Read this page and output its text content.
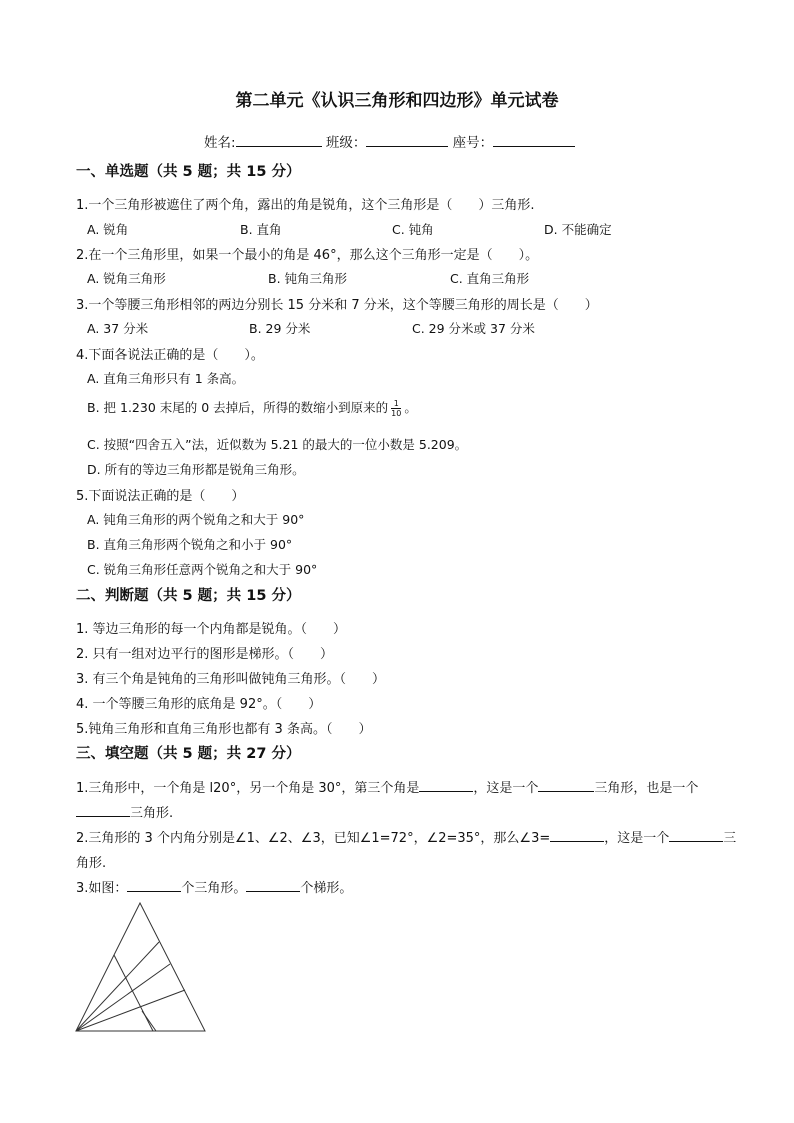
第二单元《认识三角形和四边形》单元试卷
姓名:	班级：	座号：
一、单选题（共 5 题；共 15 分）
1.一个三角形被遮住了两个角，露出的角是锐角，这个三角形是（　　）三角形.
A. 锐角	B. 直角	C. 钝角	D. 不能确定
2.在一个三角形里，如果一个最小的角是 46°，那么这个三角形一定是（　　）。
A. 锐角三角形	B. 钝角三角形	C. 直角三角形
3.一个等腰三角形相邻的两边分别长 15 分米和 7 分米，这个等腰三角形的周长是（　　）
A. 37 分米	B. 29 分米	C. 29 分米或 37 分米
4.下面各说法正确的是（　　）。
A. 直角三角形只有 1 条高。
B. 把 1.230 末尾的 0 去掉后，所得的数缩小到原来的 $\frac{1}{10}$ 。
C. 按照“四舍五入”法，近似数为 5.21 的最大的一位小数是 5.209。
D. 所有的等边三角形都是锐角三角形。
5.下面说法正确的是（　　）
A. 钝角三角形的两个锐角之和大于 90°
B. 直角三角形两个锐角之和小于 90°
C. 锐角三角形任意两个锐角之和大于 90°
二、判断题（共 5 题；共 15 分）
1. 等边三角形的每一个内角都是锐角。（　　）
2. 只有一组对边平行的图形是梯形。（　　）
3. 有三个角是钝角的三角形叫做钝角三角形。（　　）
4. 一个等腰三角形的底角是 92°。（　　）
5.钝角三角形和直角三角形也都有 3 条高。（　　）
三、填空题（共 5 题；共 27 分）
1.三角形中，一个角是 l20°，另一个角是 30°，第三个角是	，这是一个	三角形，也是一个
三角形.
2.三角形的 3 个内角分别是∠1、∠2、∠3，已知∠1=72°，∠2=35°，那么∠3=	，这是一个	三
角形.
3.如图：	个三角形。	个梯形。
